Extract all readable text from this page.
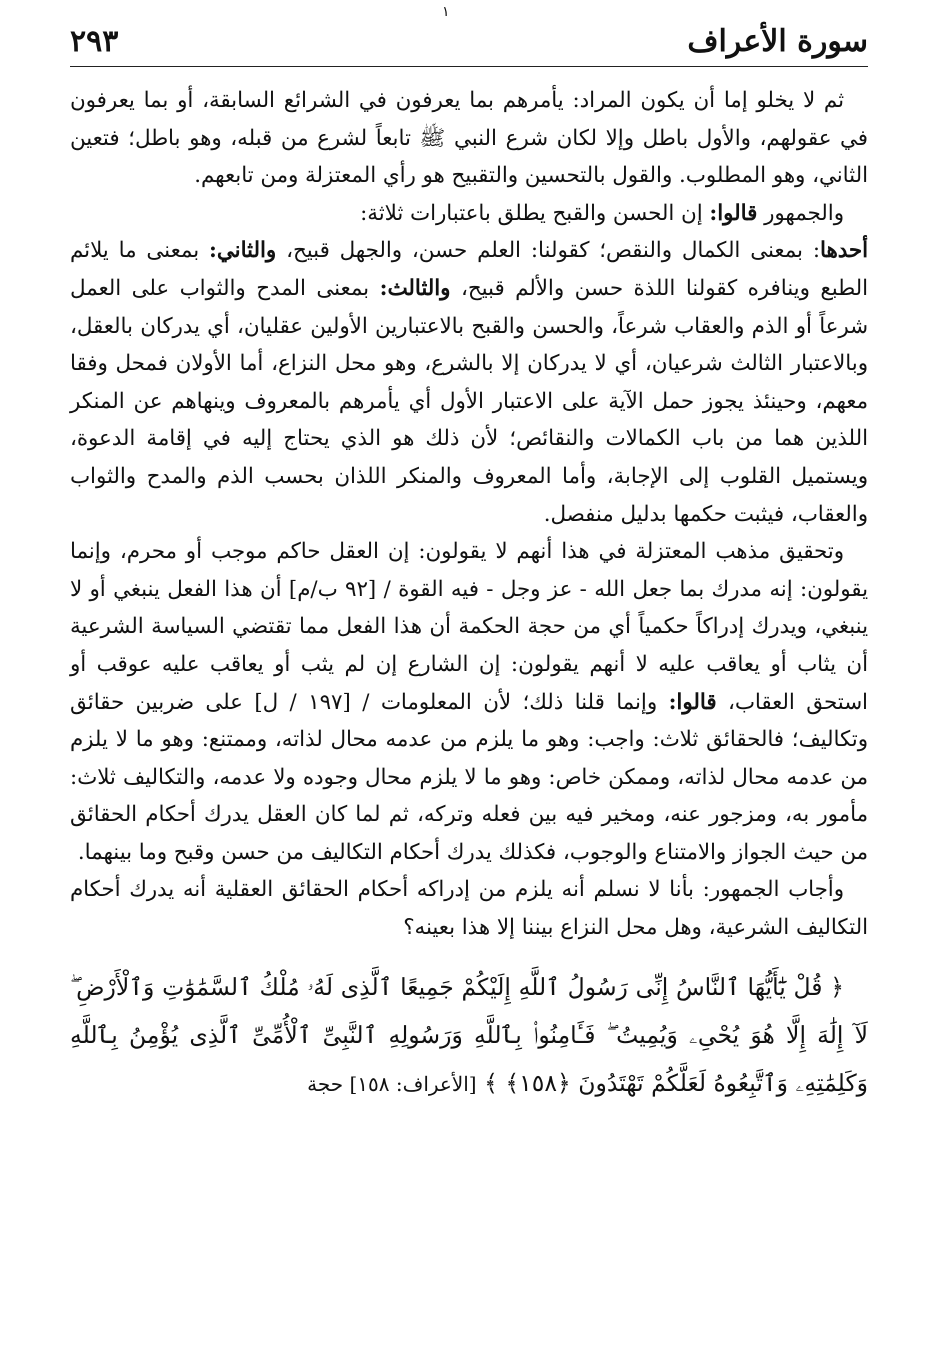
سورة الأعراف
٢٩٣
١

ثم لا يخلو إما أن يكون المراد: يأمرهم بما يعرفون في الشرائع السابقة، أو بما يعرفون في عقولهم، والأول باطل وإلا لكان شرع النبي ﷺ تابعاً لشرع من قبله، وهو باطل؛ فتعين الثاني، وهو المطلوب. والقول بالتحسين والتقبيح هو رأي المعتزلة ومن تابعهم.

والجمهور قالوا: إن الحسن والقبح يطلق باعتبارات ثلاثة:

أحدها: بمعنى الكمال والنقص؛ كقولنا: العلم حسن، والجهل قبيح، والثاني: بمعنى ما يلائم الطبع وينافره كقولنا اللذة حسن والألم قبيح، والثالث: بمعنى المدح والثواب على العمل شرعاً أو الذم والعقاب شرعاً، والحسن والقبح بالاعتبارين الأولين عقليان، أي يدركان بالعقل، وبالاعتبار الثالث شرعيان، أي لا يدركان إلا بالشرع، وهو محل النزاع، أما الأولان فمحل وفقا معهم، وحينئذ يجوز حمل الآية على الاعتبار الأول أي يأمرهم بالمعروف وينهاهم عن المنكر اللذين هما من باب الكمالات والنقائص؛ لأن ذلك هو الذي يحتاج إليه في إقامة الدعوة، ويستميل القلوب إلى الإجابة، وأما المعروف والمنكر اللذان بحسب الذم والمدح والثواب والعقاب، فيثبت حكمها بدليل منفصل.

وتحقيق مذهب المعتزلة في هذا أنهم لا يقولون: إن العقل حاكم موجب أو محرم، وإنما يقولون: إنه مدرك بما جعل الله - عز وجل - فيه القوة / [٩٢ ب/م] أن هذا الفعل ينبغي أو لا ينبغي، ويدرك إدراكاً حكمياً أي من حجة الحكمة أن هذا الفعل مما تقتضي السياسة الشرعية أن يثاب أو يعاقب عليه لا أنهم يقولون: إن الشارع إن لم يثب أو يعاقب عليه عوقب أو استحق العقاب، قالوا: وإنما قلنا ذلك؛ لأن المعلومات / [١٩٧ / ل] على ضربين حقائق وتكاليف؛ فالحقائق ثلاث: واجب: وهو ما يلزم من عدمه محال لذاته، وممتنع: وهو ما لا يلزم من عدمه محال لذاته، وممكن خاص: وهو ما لا يلزم محال وجوده ولا عدمه، والتكاليف ثلاث: مأمور به، ومزجور عنه، ومخير فيه بين فعله وتركه، ثم لما كان العقل يدرك أحكام الحقائق من حيث الجواز والامتناع والوجوب، فكذلك يدرك أحكام التكاليف من حسن وقبح وما بينهما.

وأجاب الجمهور: بأنا لا نسلم أنه يلزم من إدراكه أحكام الحقائق العقلية أنه يدرك أحكام التكاليف الشرعية، وهل محل النزاع بيننا إلا هذا بعينه؟

﴿ قُلْ يَٰٓأَيُّهَا ٱلنَّاسُ إِنِّى رَسُولُ ٱللَّهِ إِلَيْكُمْ جَمِيعًا ٱلَّذِى لَهُۥ مُلْكُ ٱلسَّمَٰوَٰتِ وَٱلْأَرْضِ ۖ لَآ إِلَٰهَ إِلَّا هُوَ يُحْىِۦ وَيُمِيتُ ۖ فَـَٔامِنُوا۟ بِٱللَّهِ وَرَسُولِهِ ٱلنَّبِىِّ ٱلْأُمِّىِّ ٱلَّذِى يُؤْمِنُ بِٱللَّهِ وَكَلِمَٰتِهِۦ وَٱتَّبِعُوهُ لَعَلَّكُمْ تَهْتَدُونَ ﴿١٥٨﴾ ﴾ [الأعراف: ١٥٨] حجة
